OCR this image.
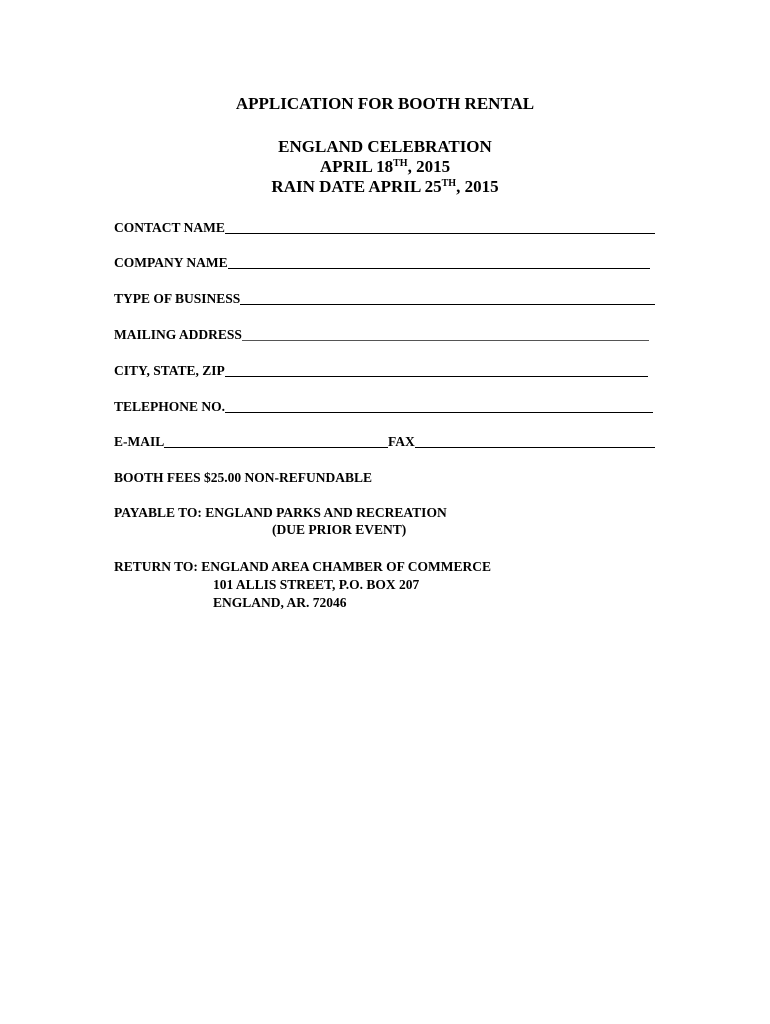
APPLICATION FOR BOOTH RENTAL
ENGLAND CELEBRATION
APRIL 18TH, 2015
RAIN DATE APRIL 25TH, 2015
CONTACT NAME
COMPANY NAME
TYPE OF BUSINESS
MAILING ADDRESS
CITY, STATE, ZIP
TELEPHONE NO.
E-MAIL	FAX
BOOTH FEES $25.00 NON-REFUNDABLE
PAYABLE TO: ENGLAND PARKS AND RECREATION
(DUE PRIOR EVENT)
RETURN TO: ENGLAND AREA CHAMBER OF COMMERCE
101 ALLIS STREET, P.O. BOX 207
ENGLAND, AR. 72046
